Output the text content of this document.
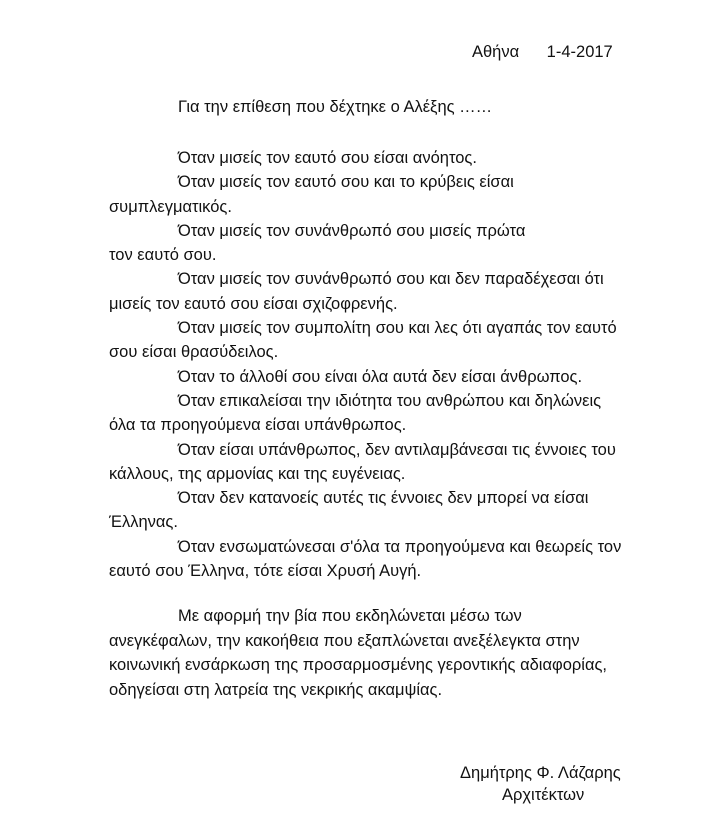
Αθήνα 1-4-2017
Για την επίθεση που δέχτηκε ο Αλέξης ……
Όταν μισείς τον εαυτό σου είσαι ανόητος.
Όταν μισείς τον εαυτό σου και το κρύβεις είσαι
συμπλεγματικός.
Όταν μισείς τον συνάνθρωπό σου μισείς πρώτα
τον εαυτό σου.
Όταν μισείς τον συνάνθρωπό σου και δεν παραδέχεσαι ότι
μισείς τον εαυτό σου είσαι σχιζοφρενής.
Όταν μισείς τον συμπολίτη σου και λες ότι αγαπάς τον εαυτό
σου είσαι θρασύδειλος.
Όταν το άλλοθί σου είναι όλα αυτά δεν είσαι άνθρωπος.
Όταν επικαλείσαι την ιδιότητα του ανθρώπου και δηλώνεις
όλα τα προηγούμενα είσαι υπάνθρωπος.
Όταν είσαι υπάνθρωπος, δεν αντιλαμβάνεσαι τις έννοιες του
κάλλους, της αρμονίας και της ευγένειας.
Όταν δεν κατανοείς αυτές τις έννοιες δεν μπορεί να είσαι
Έλληνας.
Όταν ενσωματώνεσαι σ'όλα τα προηγούμενα και θεωρείς τον
εαυτό σου Έλληνα, τότε είσαι Χρυσή Αυγή.
Με αφορμή την βία που εκδηλώνεται μέσω των
ανεγκέφαλων, την κακοήθεια που εξαπλώνεται ανεξέλεγκτα στην
κοινωνική ενσάρκωση της προσαρμοσμένης γεροντικής αδιαφορίας,
οδηγείσαι στη λατρεία της νεκρικής ακαμψίας.
Δημήτρης Φ. Λάζαρης
Αρχιτέκτων
